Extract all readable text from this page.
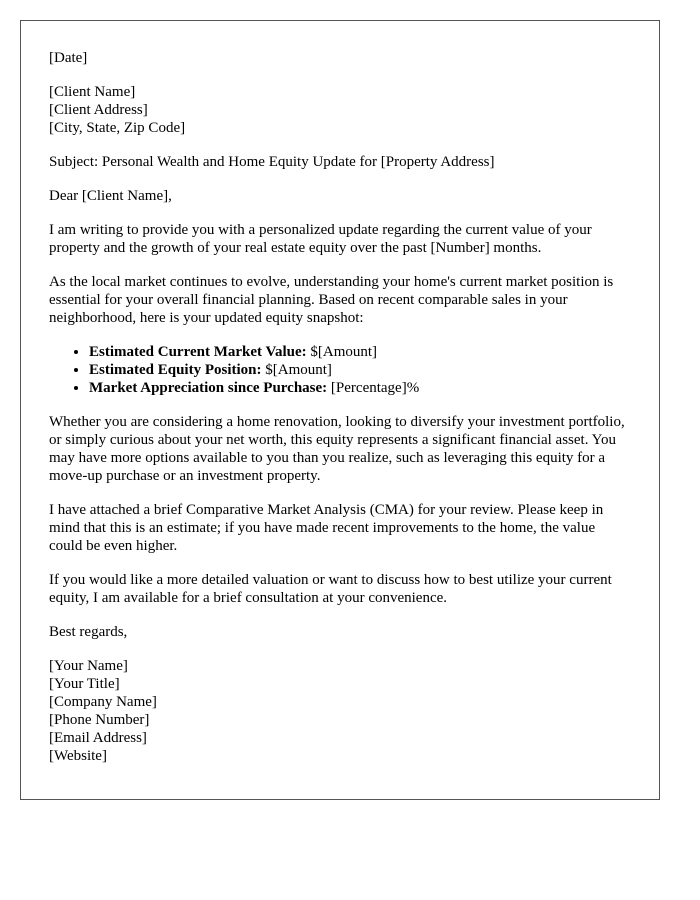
[Date]

[Client Name]
[Client Address]
[City, State, Zip Code]

Subject: Personal Wealth and Home Equity Update for [Property Address]

Dear [Client Name],

I am writing to provide you with a personalized update regarding the current value of your property and the growth of your real estate equity over the past [Number] months.

As the local market continues to evolve, understanding your home's current market position is essential for your overall financial planning. Based on recent comparable sales in your neighborhood, here is your updated equity snapshot:

• Estimated Current Market Value: $[Amount]
• Estimated Equity Position: $[Amount]
• Market Appreciation since Purchase: [Percentage]%

Whether you are considering a home renovation, looking to diversify your investment portfolio, or simply curious about your net worth, this equity represents a significant financial asset. You may have more options available to you than you realize, such as leveraging this equity for a move-up purchase or an investment property.

I have attached a brief Comparative Market Analysis (CMA) for your review. Please keep in mind that this is an estimate; if you have made recent improvements to the home, the value could be even higher.

If you would like a more detailed valuation or want to discuss how to best utilize your current equity, I am available for a brief consultation at your convenience.

Best regards,

[Your Name]
[Your Title]
[Company Name]
[Phone Number]
[Email Address]
[Website]
